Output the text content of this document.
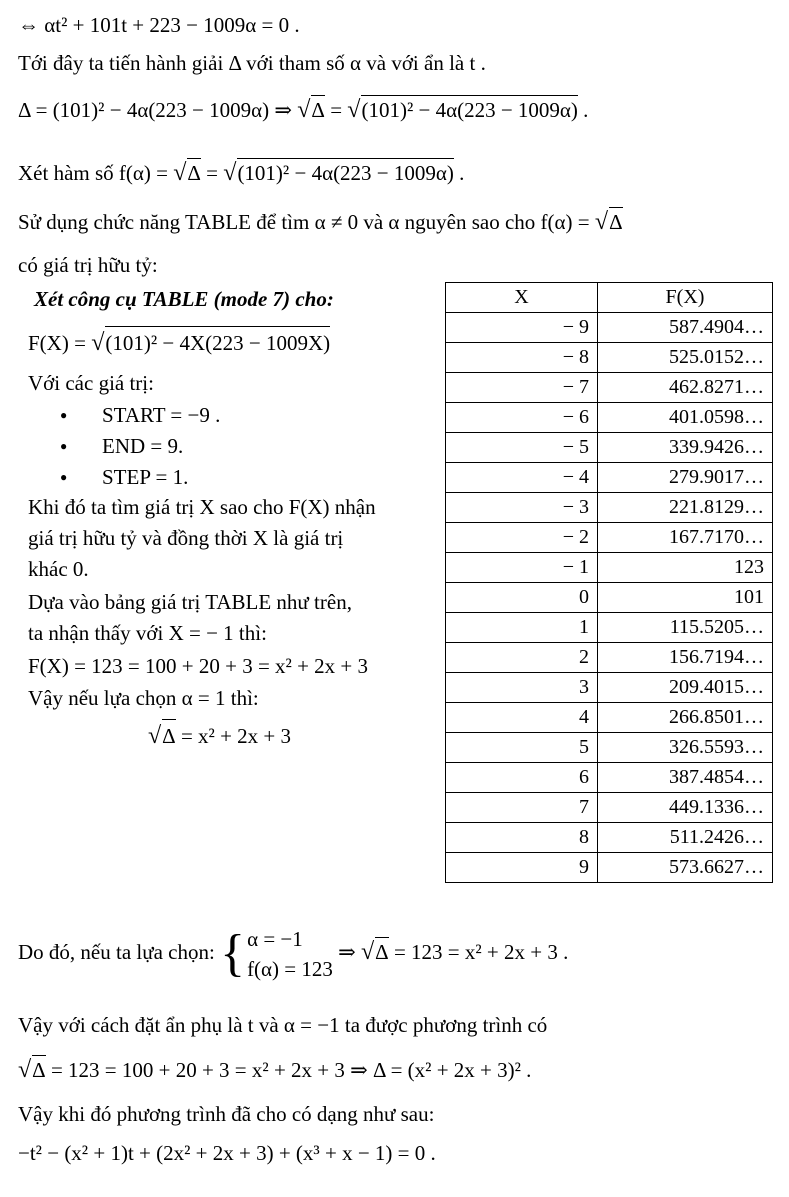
⇔ αt² + 101t + 223 − 1009α = 0 .
Tới đây ta tiến hành giải Δ với tham số α và với ẩn là t .
Δ = (101)² − 4α(223 − 1009α) ⇒ √Δ = √(101)² − 4α(223 − 1009α) .
Xét hàm số f(α) = √Δ = √(101)² − 4α(223 − 1009α) .
Sử dụng chức năng TABLE để tìm α ≠ 0 và α nguyên sao cho f(α) = √Δ
có giá trị hữu tỷ:
Xét công cụ TABLE (mode 7) cho:
F(X) = √(101)² − 4X(223 − 1009X)
Với các giá trị:
● START = −9 .
● END = 9.
● STEP = 1.
Khi đó ta tìm giá trị X sao cho F(X) nhận
giá trị hữu tỷ và đồng thời X là giá trị
khác 0.
Dựa vào bảng giá trị TABLE như trên,
ta nhận thấy với X = − 1 thì:
F(X) = 123 = 100 + 20 + 3 = x² + 2x + 3
Vậy nếu lựa chọn α = 1 thì:
√Δ = x² + 2x + 3
X	F(X)
− 9	587.4904…
− 8	525.0152…
− 7	462.8271…
− 6	401.0598…
− 5	339.9426…
− 4	279.9017…
− 3	221.8129…
− 2	167.7170…
− 1	123
0	101
1	115.5205…
2	156.7194…
3	209.4015…
4	266.8501…
5	326.5593…
6	387.4854…
7	449.1336…
8	511.2426…
9	573.6627…
Do đó, nếu ta lựa chọn: { α = −1
f(α) = 123
⇒ √Δ = 123 = x² + 2x + 3 .
Vậy với cách đặt ẩn phụ là t và α = −1 ta được phương trình có
√Δ = 123 = 100 + 20 + 3 = x² + 2x + 3 ⇒ Δ = (x² + 2x + 3)² .
Vậy khi đó phương trình đã cho có dạng như sau:
−t² − (x² + 1)t + (2x² + 2x + 3) + (x³ + x − 1) = 0 .
